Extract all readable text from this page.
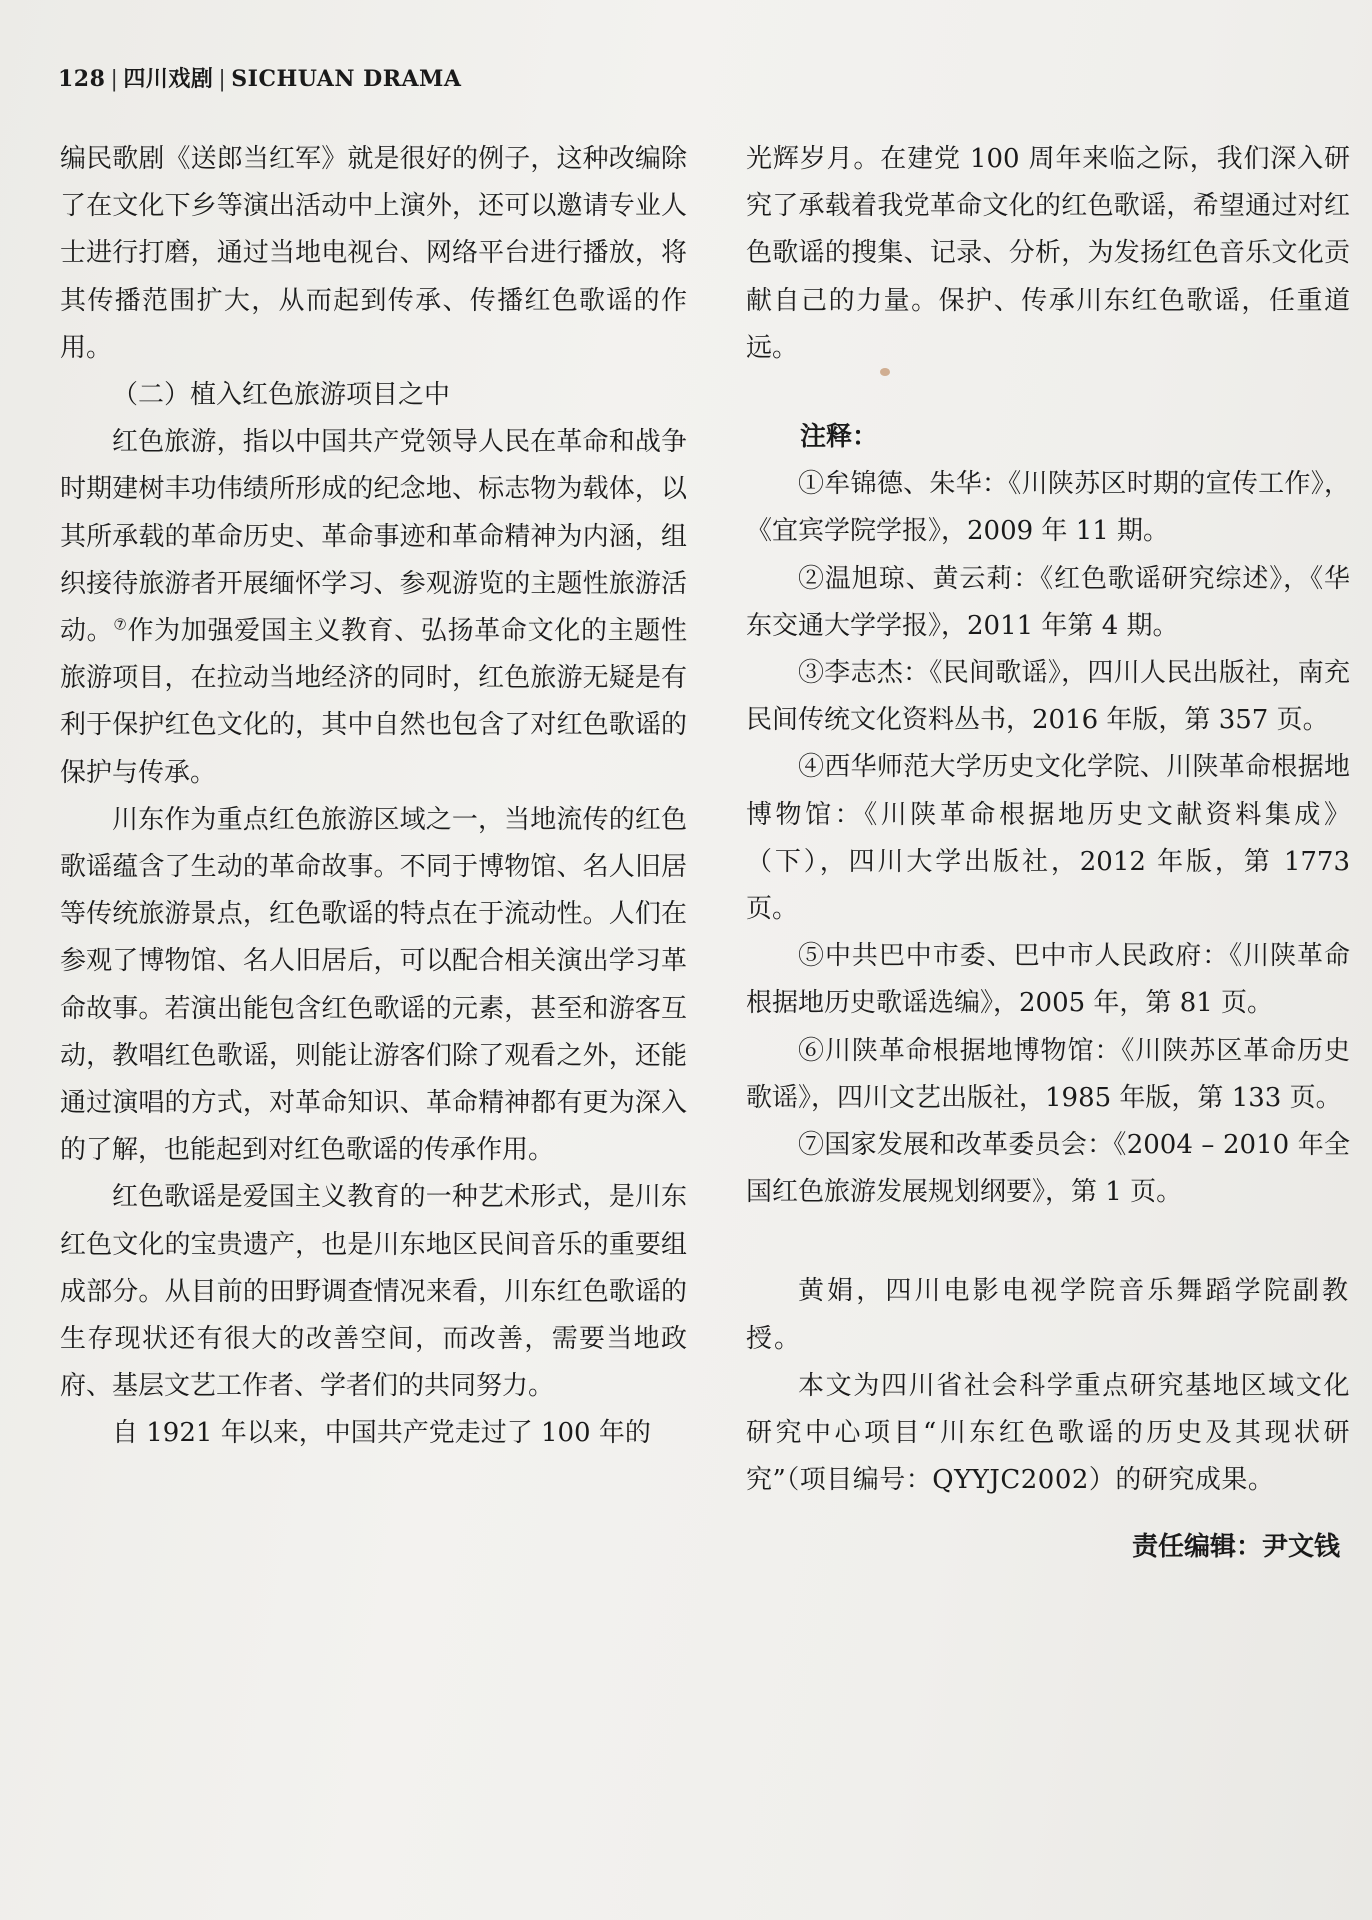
128 | 四川戏剧 | SICHUAN DRAMA

编民歌剧《送郎当红军》就是很好的例子，这种改编除了在文化下乡等演出活动中上演外，还可以邀请专业人士进行打磨，通过当地电视台、网络平台进行播放，将其传播范围扩大，从而起到传承、传播红色歌谣的作用。

（二）植入红色旅游项目之中

红色旅游，指以中国共产党领导人民在革命和战争时期建树丰功伟绩所形成的纪念地、标志物为载体，以其所承载的革命历史、革命事迹和革命精神为内涵，组织接待旅游者开展缅怀学习、参观游览的主题性旅游活动。⑦作为加强爱国主义教育、弘扬革命文化的主题性旅游项目，在拉动当地经济的同时，红色旅游无疑是有利于保护红色文化的，其中自然也包含了对红色歌谣的保护与传承。

川东作为重点红色旅游区域之一，当地流传的红色歌谣蕴含了生动的革命故事。不同于博物馆、名人旧居等传统旅游景点，红色歌谣的特点在于流动性。人们在参观了博物馆、名人旧居后，可以配合相关演出学习革命故事。若演出能包含红色歌谣的元素，甚至和游客互动，教唱红色歌谣，则能让游客们除了观看之外，还能通过演唱的方式，对革命知识、革命精神都有更为深入的了解，也能起到对红色歌谣的传承作用。

红色歌谣是爱国主义教育的一种艺术形式，是川东红色文化的宝贵遗产，也是川东地区民间音乐的重要组成部分。从目前的田野调查情况来看，川东红色歌谣的生存现状还有很大的改善空间，而改善，需要当地政府、基层文艺工作者、学者们的共同努力。

自 1921 年以来，中国共产党走过了 100 年的

光辉岁月。在建党 100 周年来临之际，我们深入研究了承载着我党革命文化的红色歌谣，希望通过对红色歌谣的搜集、记录、分析，为发扬红色音乐文化贡献自己的力量。保护、传承川东红色歌谣，任重道远。

注释：

①牟锦德、朱华：《川陕苏区时期的宣传工作》，《宜宾学院学报》，2009 年 11 期。

②温旭琼、黄云莉：《红色歌谣研究综述》，《华东交通大学学报》，2011 年第 4 期。

③李志杰：《民间歌谣》，四川人民出版社，南充民间传统文化资料丛书，2016 年版，第 357 页。

④西华师范大学历史文化学院、川陕革命根据地博物馆：《川陕革命根据地历史文献资料集成》（下），四川大学出版社，2012 年版，第 1773 页。

⑤中共巴中市委、巴中市人民政府：《川陕革命根据地历史歌谣选编》，2005 年，第 81 页。

⑥川陕革命根据地博物馆：《川陕苏区革命历史歌谣》，四川文艺出版社，1985 年版，第 133 页。

⑦国家发展和改革委员会：《2004 – 2010 年全国红色旅游发展规划纲要》，第 1 页。

黄娟，四川电影电视学院音乐舞蹈学院副教授。

本文为四川省社会科学重点研究基地区域文化研究中心项目“川东红色歌谣的历史及其现状研究”（项目编号：QYYJC2002）的研究成果。

责任编辑：尹文钱
